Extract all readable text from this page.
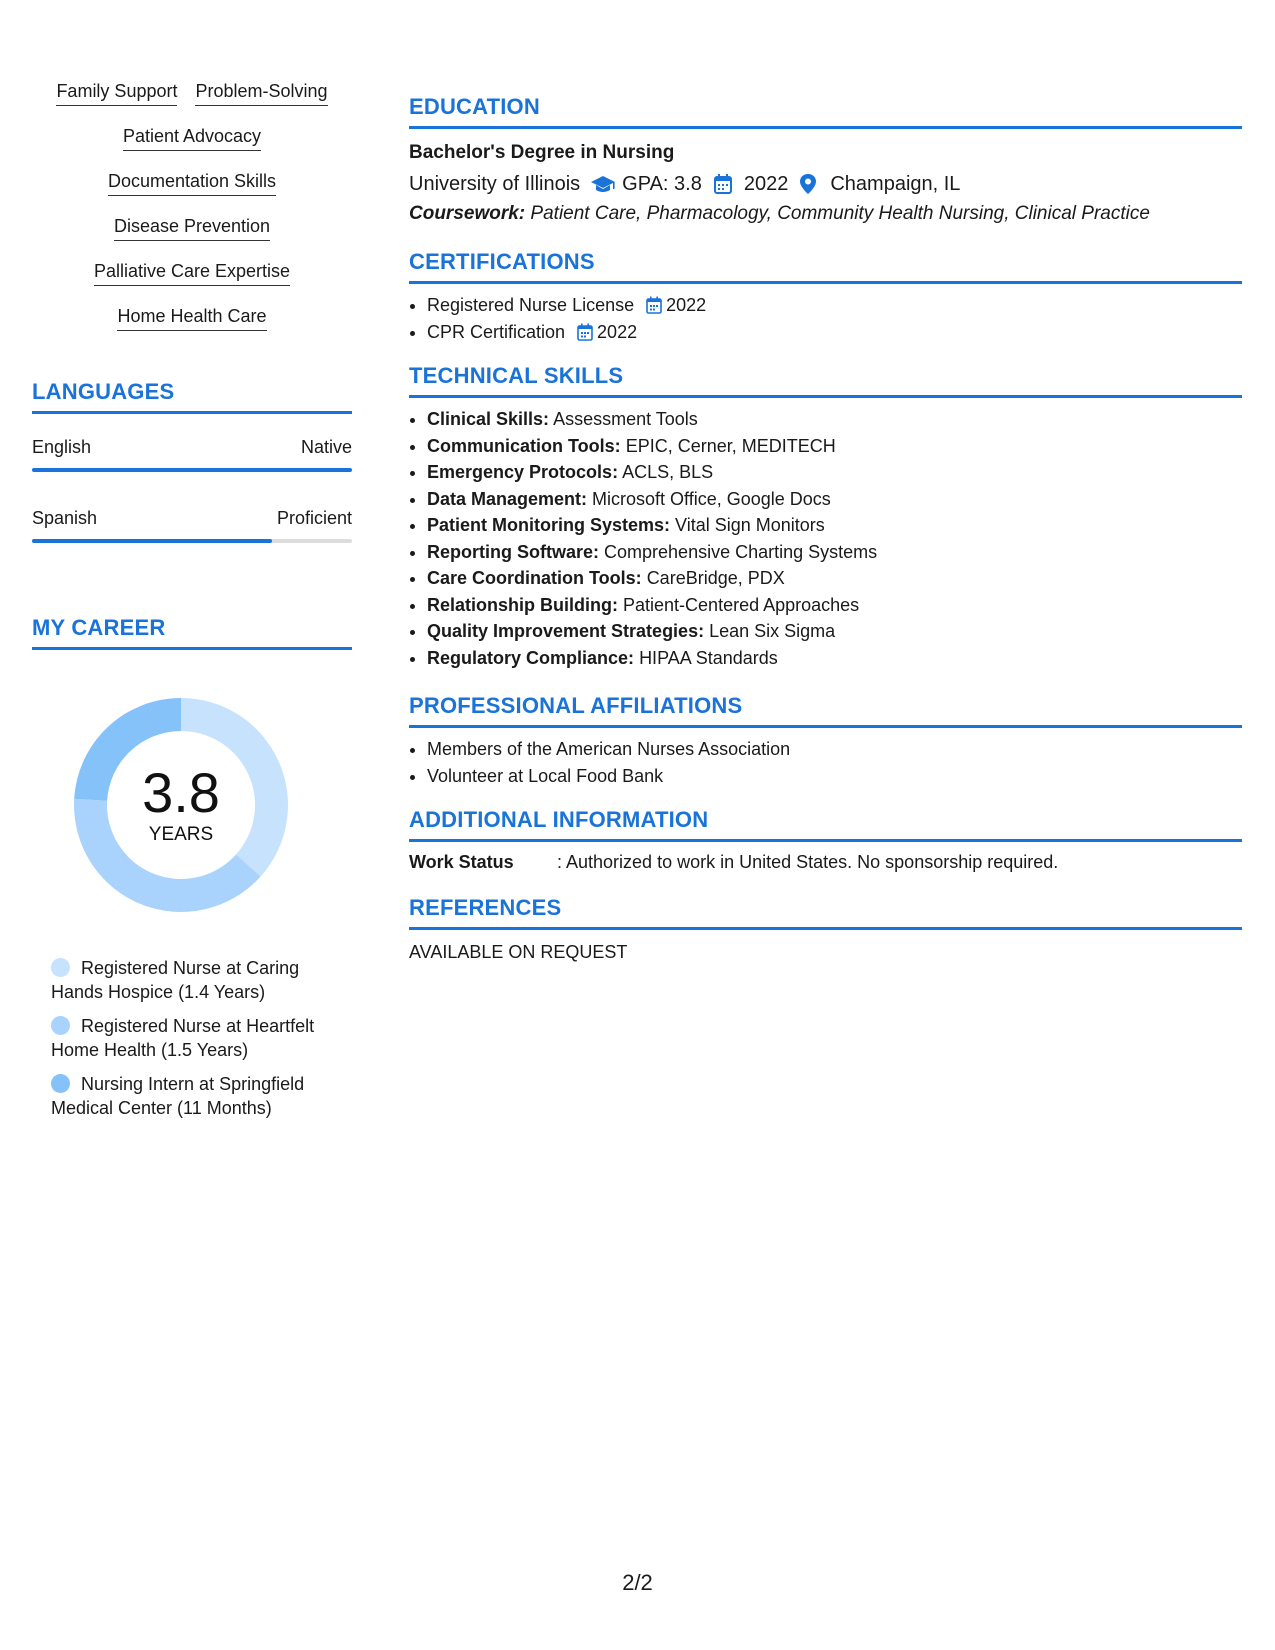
Family Support Problem-Solving
Patient Advocacy
Documentation Skills
Disease Prevention
Palliative Care Expertise
Home Health Care
LANGUAGES
English	Native
Spanish	Proficient
MY CAREER
3.8
YEARS
Registered Nurse at Caring Hands Hospice (1.4 Years)
Registered Nurse at Heartfelt Home Health (1.5 Years)
Nursing Intern at Springfield Medical Center (11 Months)
EDUCATION
Bachelor's Degree in Nursing
University of Illinois GPA: 3.8 2022 Champaign, IL
Coursework: Patient Care, Pharmacology, Community Health Nursing, Clinical Practice
CERTIFICATIONS
• Registered Nurse License 2022
• CPR Certification 2022
TECHNICAL SKILLS
• Clinical Skills: Assessment Tools
• Communication Tools: EPIC, Cerner, MEDITECH
• Emergency Protocols: ACLS, BLS
• Data Management: Microsoft Office, Google Docs
• Patient Monitoring Systems: Vital Sign Monitors
• Reporting Software: Comprehensive Charting Systems
• Care Coordination Tools: CareBridge, PDX
• Relationship Building: Patient-Centered Approaches
• Quality Improvement Strategies: Lean Six Sigma
• Regulatory Compliance: HIPAA Standards
PROFESSIONAL AFFILIATIONS
• Members of the American Nurses Association
• Volunteer at Local Food Bank
ADDITIONAL INFORMATION
Work Status	: Authorized to work in United States. No sponsorship required.
REFERENCES
AVAILABLE ON REQUEST
2/2
